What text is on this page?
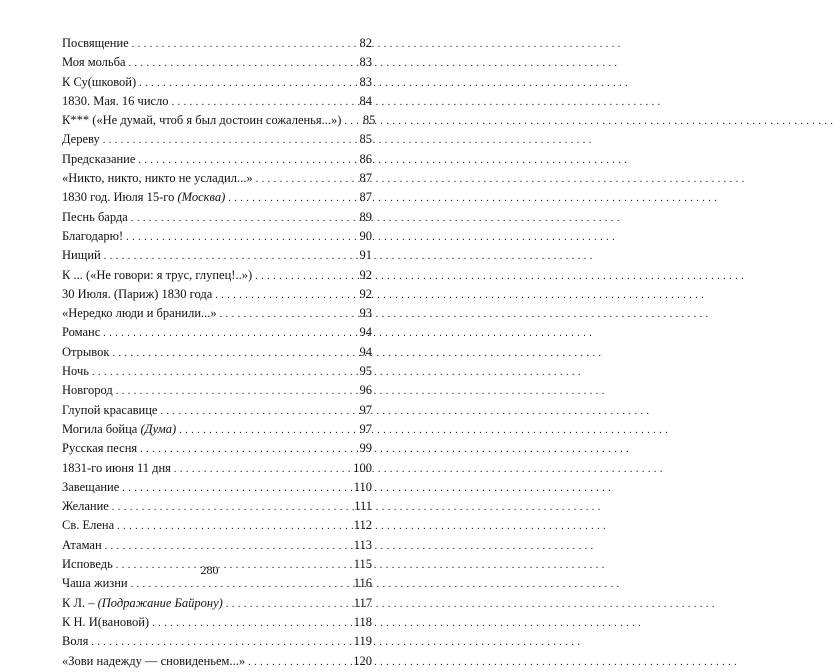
Посвящение . . .	82
Моя мольба . . .	83
К Су(шковой) . . .	83
1830. Мая. 16 число . . .	84
К*** («Не думай, чтоб я был достоин сожаленья...») . . .	85
Дереву . . .	85
Предсказание . . .	86
«Никто, никто, никто не усладил...» . . .	87
1830 год. Июля 15-го (Москва) . . .	87
Песнь барда . . .	89
Благодарю! . . .	90
Нищий . . .	91
К ... («Не говори: я трус, глупец!..») . . .	92
30 Июля. (Париж) 1830 года . . .	92
«Нередко люди и бранили...» . . .	93
Романс . . .	94
Отрывок . . .	94
Ночь . . .	95
Новгород . . .	96
Глупой красавице . . .	97
Могила бойца (Дума) . . .	97
Русская песня . . .	99
1831-го июня 11 дня . . .	100
Завещание . . .	110
Желание . . .	111
Св. Елена . . .	112
Атаман . . .	113
Исповедь . . .	115
Чаша жизни . . .	116
К Л. – (Подражание Байрону) . . .	117
К Н. И(вановой) . . .	118
Воля . . .	119
«Зови надежду — сновиденьем...» . . .	120
280
